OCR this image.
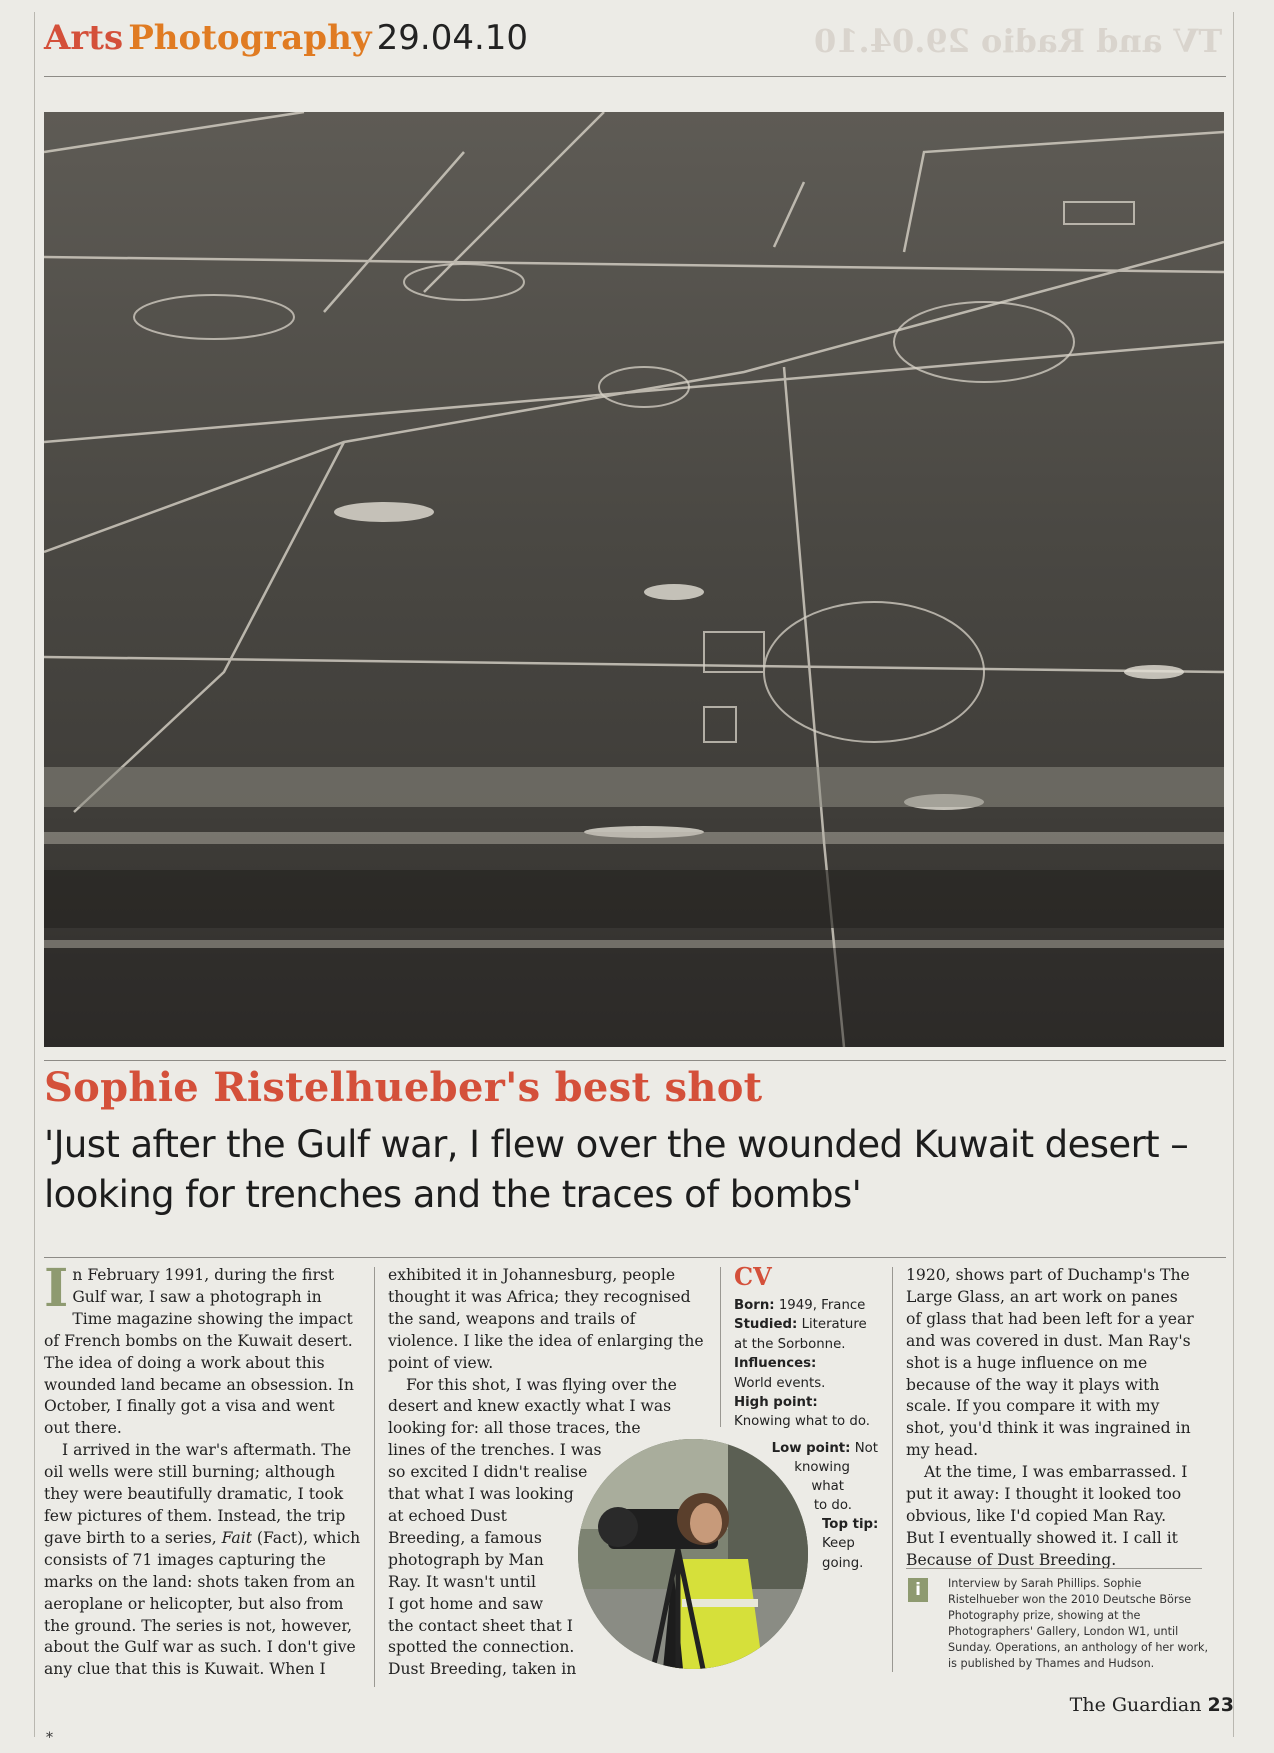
Arts Photography 29.04.10	TV and Radio 29.04.10
Sophie Ristelhueber's best shot
'Just after the Gulf war, I flew over the wounded Kuwait desert – looking for trenches and the traces of bombs'

In February 1991, during the first Gulf war, I saw a photograph in Time magazine showing the impact of French bombs on the Kuwait desert. The idea of doing a work about this wounded land became an obsession. In October, I finally got a visa and went out there.

I arrived in the war's aftermath. The oil wells were still burning; although they were beautifully dramatic, I took few pictures of them. Instead, the trip gave birth to a series, Fait (Fact), which consists of 71 images capturing the marks on the land: shots taken from an aeroplane or helicopter, but also from the ground. The series is not, however, about the Gulf war as such. I don't give any clue that this is Kuwait. When I

exhibited it in Johannesburg, people thought it was Africa; they recognised the sand, weapons and trails of violence. I like the idea of enlarging the point of view.

For this shot, I was flying over the
desert and knew exactly what I was
looking for: all those traces, the
lines of the trenches. I was
so excited I didn't realise
that what I was looking
at echoed Dust
Breeding, a famous
photograph by Man
Ray. It wasn't until
I got home and saw
the contact sheet that I
spotted the connection.
Dust Breeding, taken in

CV
Born: 1949, France
Studied: Literature at the Sorbonne.
Influences:
World events.
High point:
Knowing what to do.
Low point: Not
knowing
what
to do.
Top tip:
Keep
going.

1920, shows part of Duchamp's The Large Glass, an art work on panes of glass that had been left for a year and was covered in dust. Man Ray's shot is a huge influence on me because of the way it plays with scale. If you compare it with my shot, you'd think it was ingrained in my head.

At the time, I was embarrassed. I put it away: I thought it looked too obvious, like I'd copied Man Ray. But I eventually showed it. I call it Because of Dust Breeding.

i	Interview by Sarah Phillips. Sophie Ristelhueber won the 2010 Deutsche Börse Photography prize, showing at the Photographers' Gallery, London W1, until Sunday. Operations, an anthology of her work, is published by Thames and Hudson.
The Guardian 23
*
